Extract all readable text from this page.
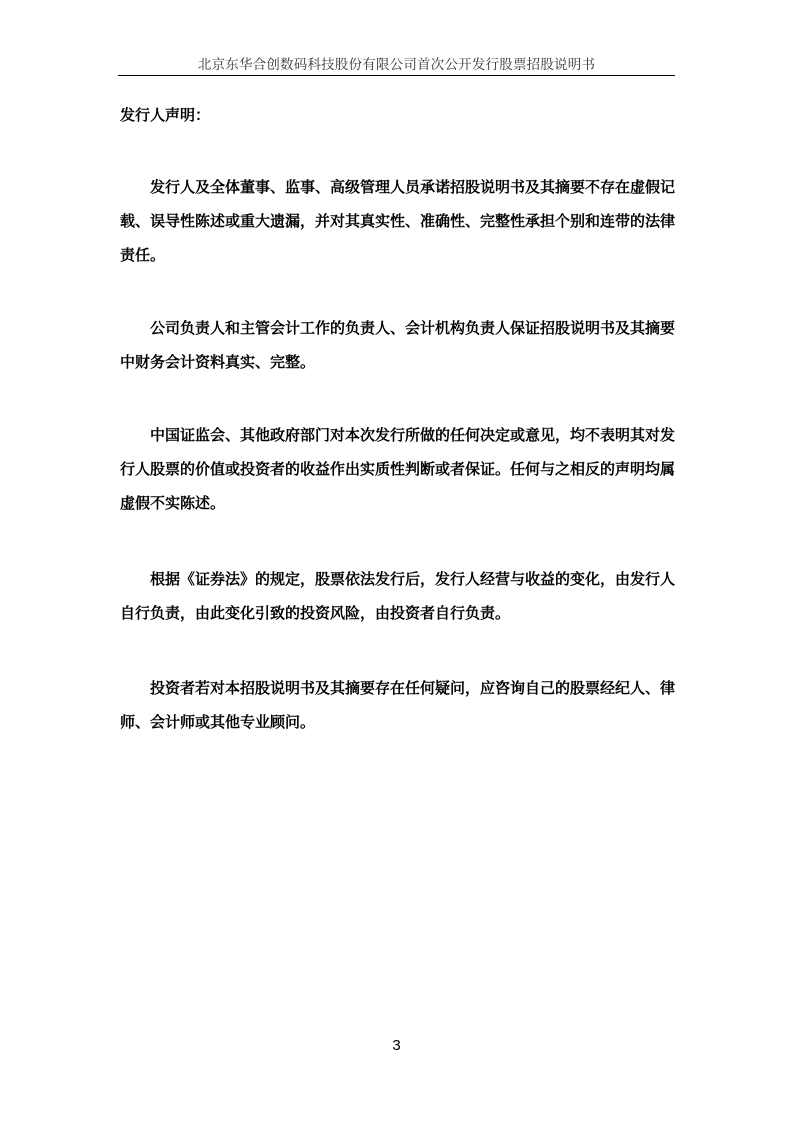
北京东华合创数码科技股份有限公司首次公开发行股票招股说明书
发行人声明：

发行人及全体董事、监事、高级管理人员承诺招股说明书及其摘要不存在虚假记载、误导性陈述或重大遗漏，并对其真实性、准确性、完整性承担个别和连带的法律责任。

公司负责人和主管会计工作的负责人、会计机构负责人保证招股说明书及其摘要中财务会计资料真实、完整。

中国证监会、其他政府部门对本次发行所做的任何决定或意见，均不表明其对发行人股票的价值或投资者的收益作出实质性判断或者保证。任何与之相反的声明均属虚假不实陈述。

根据《证券法》的规定，股票依法发行后，发行人经营与收益的变化，由发行人自行负责，由此变化引致的投资风险，由投资者自行负责。

投资者若对本招股说明书及其摘要存在任何疑问，应咨询自己的股票经纪人、律师、会计师或其他专业顾问。

3
